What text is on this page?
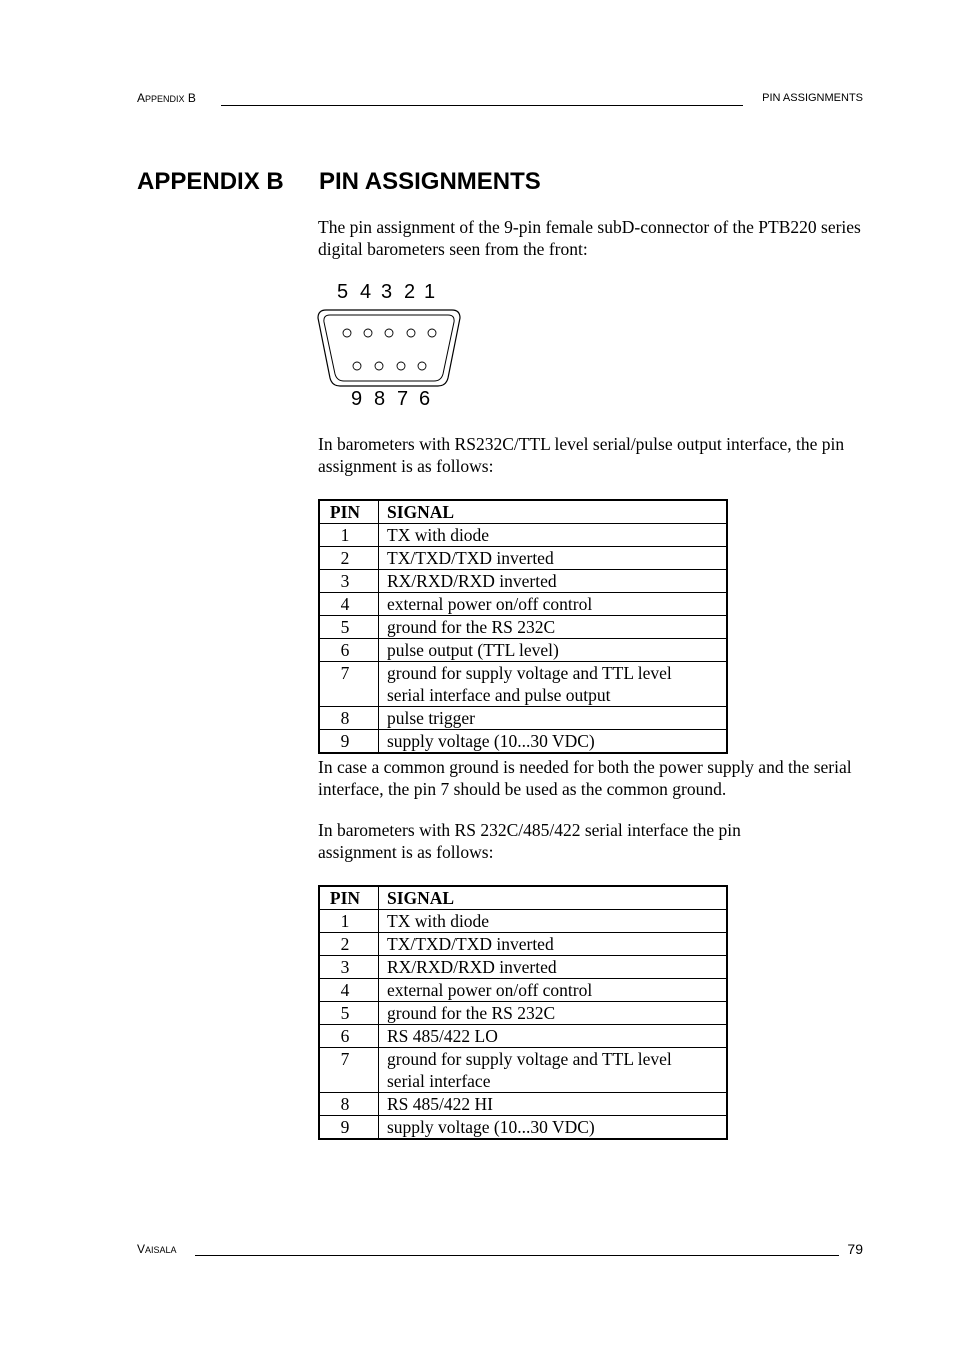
APPENDIX B	PIN ASSIGNMENTS
APPENDIX B PIN ASSIGNMENTS
The pin assignment of the 9-pin female subD-connector of the PTB220 series digital barometers seen from the front:
5 4 3 2 1
9 8 7 6
In barometers with RS232C/TTL level serial/pulse output interface, the pin assignment is as follows:
PIN	SIGNAL
1	TX with diode
2	TX/TXD/TXD inverted
3	RX/RXD/RXD inverted
4	external power on/off control
5	ground for the RS 232C
6	pulse output (TTL level)
7	ground for supply voltage and TTL level serial interface and pulse output
8	pulse trigger
9	supply voltage (10...30 VDC)
In case a common ground is needed for both the power supply and the serial interface, the pin 7 should be used as the common ground.
In barometers with RS 232C/485/422 serial interface the pin assignment is as follows:
PIN	SIGNAL
1	TX with diode
2	TX/TXD/TXD inverted
3	RX/RXD/RXD inverted
4	external power on/off control
5	ground for the RS 232C
6	RS 485/422 LO
7	ground for supply voltage and TTL level serial interface
8	RS 485/422 HI
9	supply voltage (10...30 VDC)
VAISALA	79
